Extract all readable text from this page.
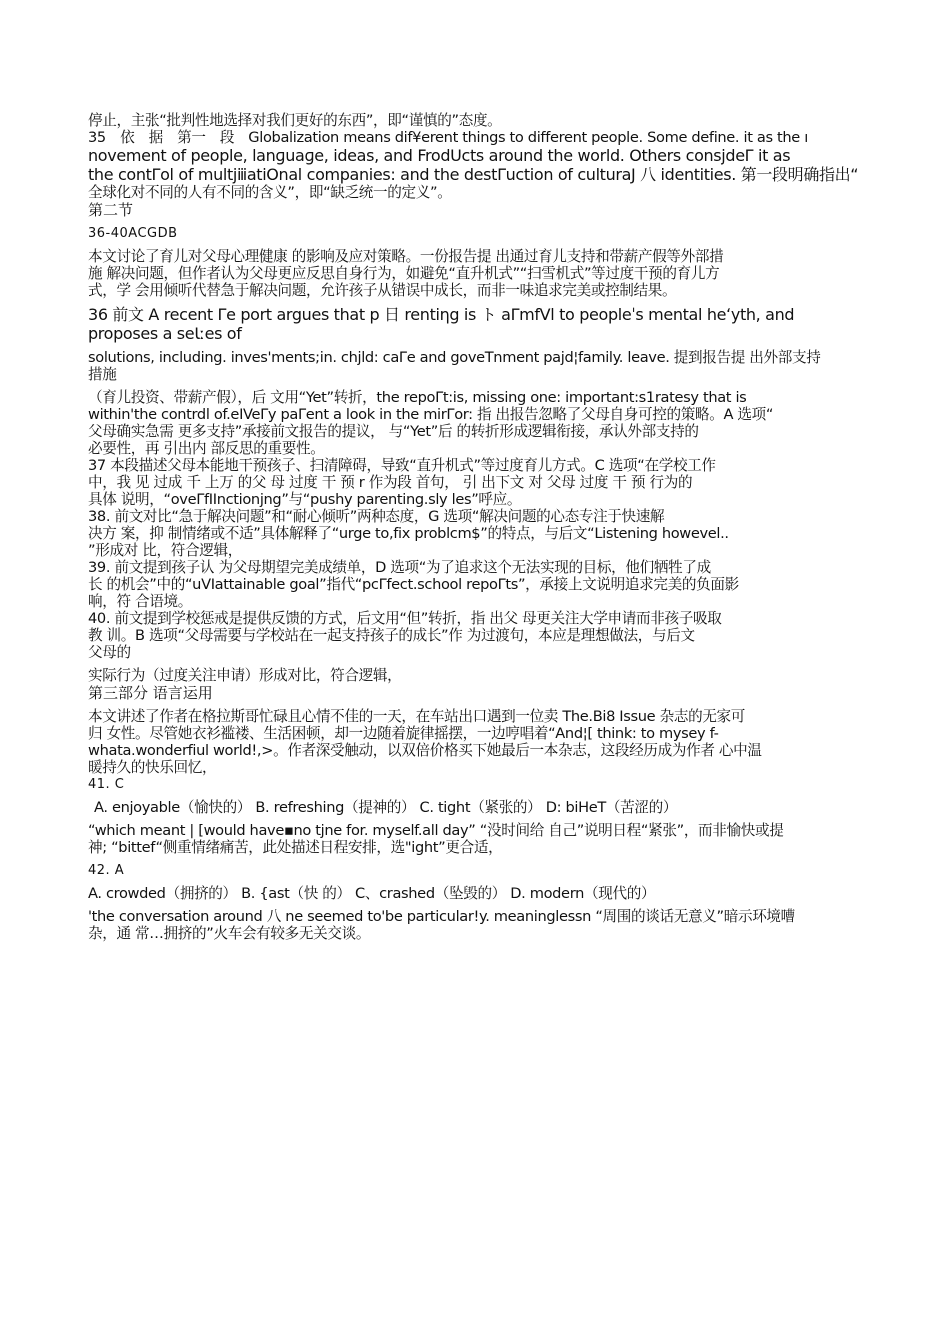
停止，主张“批判性地选择对我们更好的东西”，即“谨慎的”态度。

35　依　据　第一　段　Globalization means dif¥erent things to different people. Some define. it as the ı

novement of peoplе, lаnɡuаɡе, ideas, and FrodUcts around the world. Others consjdeΓ it as

the contΓol of multjⅲatiOnal companies: and the destΓuction of culturaJ 八 identities. 第一段明确指出“

全球化对不同的人有不同的含义”，即“缺乏统一的定义”。

第二节

36-40ACGDB

本文讨论了育儿对父母心理健康 的影响及应对策略。一份报告提 出通过育儿支持和带薪产假等外部措

施 解决问题，但作者认为父母更应反思自身行为，如避免“直升机式”“扫雪机式”等过度干预的育儿方

式，学 会用倾听代替急于解决问题，允许孩子从错误中成长，而非一味追求完美或控制结果。

36 前文 A recent Γe port argues that p 日 rentiηg is ト aΓmfVl to peopleˈs mental heʻyth, and

proposes a seƖːes of

solutions, including. inves'ments;in. chjld: caΓe and goveTnment pajd¦family. leave. 提到报告提 出外部支持

措施

（育儿投资、带薪产假），后 文用“Yet”转折，the repoΓt:is, missing one: important:s1ratesy that is

within'the contrdl of.eIVeΓy paΓent a look in the mirΓor: 指 出报告忽略了父母自身可控的策略。A 选项“

父母确实急需 更多支持”承接前文报告的提议， 与“Yet”后 的转折形成逻辑衔接，承认外部支持的

必要性，再 引出内 部反思的重要性。

37 本段描述父母本能地干预孩子、扫清障碍，导致“直升机式”等过度育儿方式。C 选项“在学校工作

中，我 见 过成 千 上万 的父 母 过度 干 预 r 作为段 首句， 引 出下文 对 父母 过度 干 预 行为的

具体 说明，“oveΓfIInctionjng”与“pushy parenting.sly les”呼应。

38. 前文对比“急于解决问题”和“耐心倾听”两种态度，G 选项“解决问题的心态专注于快速解

决方 案，抑 制情绪或不适”具体解释了“urge to,fix problcm$”的特点，与后文“Listening howevel..

”形成对 比，符合逻辑，

39. 前文提到孩子认 为父母期望完美成绩单，D 选项“为了追求这个无法实现的目标，他们牺牲了成

长 的机会”中的“uVIattainable goal”指代“pcΓfect.school repoΓts”，承接上文说明追求完美的负面影

响，符 合语境。

40. 前文提到学校惩戒是提供反馈的方式，后文用“但”转折，指 出父 母更关注大学申请而非孩子吸取

教 训。B 选项“父母需要与学校站在一起支持孩子的成长”作 为过渡句，本应是理想做法，与后文

父母的

实际行为（过度关注申请）形成对比，符合逻辑，

第三部分 语言运用

本文讲述了作者在格拉斯哥忙碌且心情不佳的一天，在车站出口遇到一位卖 The.Bi8 Issue 杂志的无家可

归 女性。尽管她衣衫褴褛、生活困顿，却一边随着旋律摇摆，一边哼唱着“And¦[ think: to mysey f-

whata.wonderfiul world!,>。作者深受触动，以双倍价格买下她最后一本杂志，这段经历成为作者 心中温

暖持久的快乐回忆，

41. C

A. enjoyable（愉快的） B. refreshing（提神的） C. tight（紧张的） D: biHeT（苦涩的）

“which meant | [would have▪no tjne for. myself.all day” “没时间给 自己”说明日程“紧张”，而非愉快或提

神; “bittef“侧重情绪痛苦，此处描述日程安排，选"ight”更合适，

42. A

A. crowded（拥挤的） B. {ast（快 的） C、crashed（坠毁的） D. modern（现代的）

'the conversation around 八 ne seemed to'be particular!y. meaninglessn “周围的谈话无意义”暗示环境嘈

杂，通 常…拥挤的”火车会有较多无关交谈。
